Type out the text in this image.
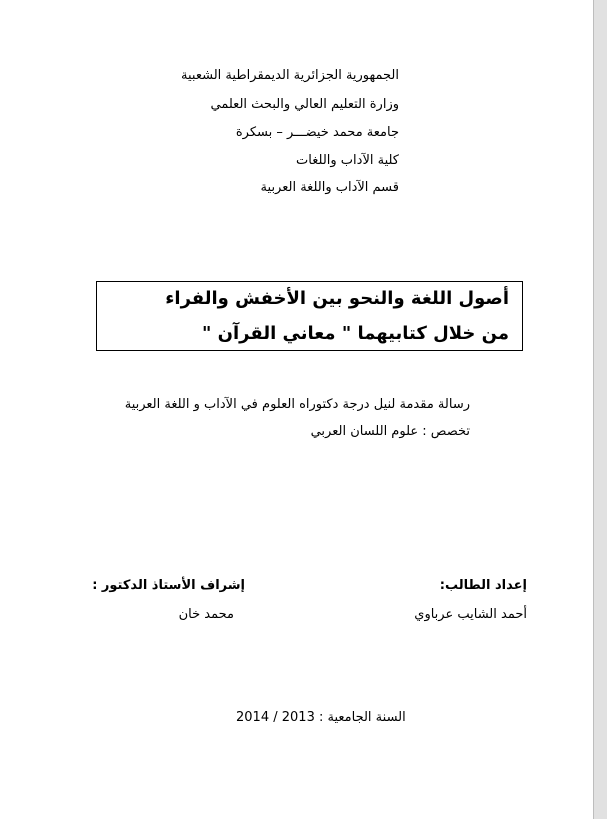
الجمهورية الجزائرية الديمقراطية الشعبية
وزارة التعليم العالي والبحث العلمي
جامعة محمد خيضـــر – بسكرة
كلية الآداب واللغات
قسم الآداب واللغة العربية
أصول اللغة والنحو بين الأخفش والفراء
من خلال كتابيهما " معاني القرآن "
رسالة مقدمة لنيل درجة دكتوراه العلوم في الآداب و اللغة العربية
تخصص : علوم اللسان العربي
إعداد الطالب:
إشراف الأستاذ الدكتور :
أحمد الشايب عرباوي
محمد خان
السنة الجامعية : 2013 / 2014
